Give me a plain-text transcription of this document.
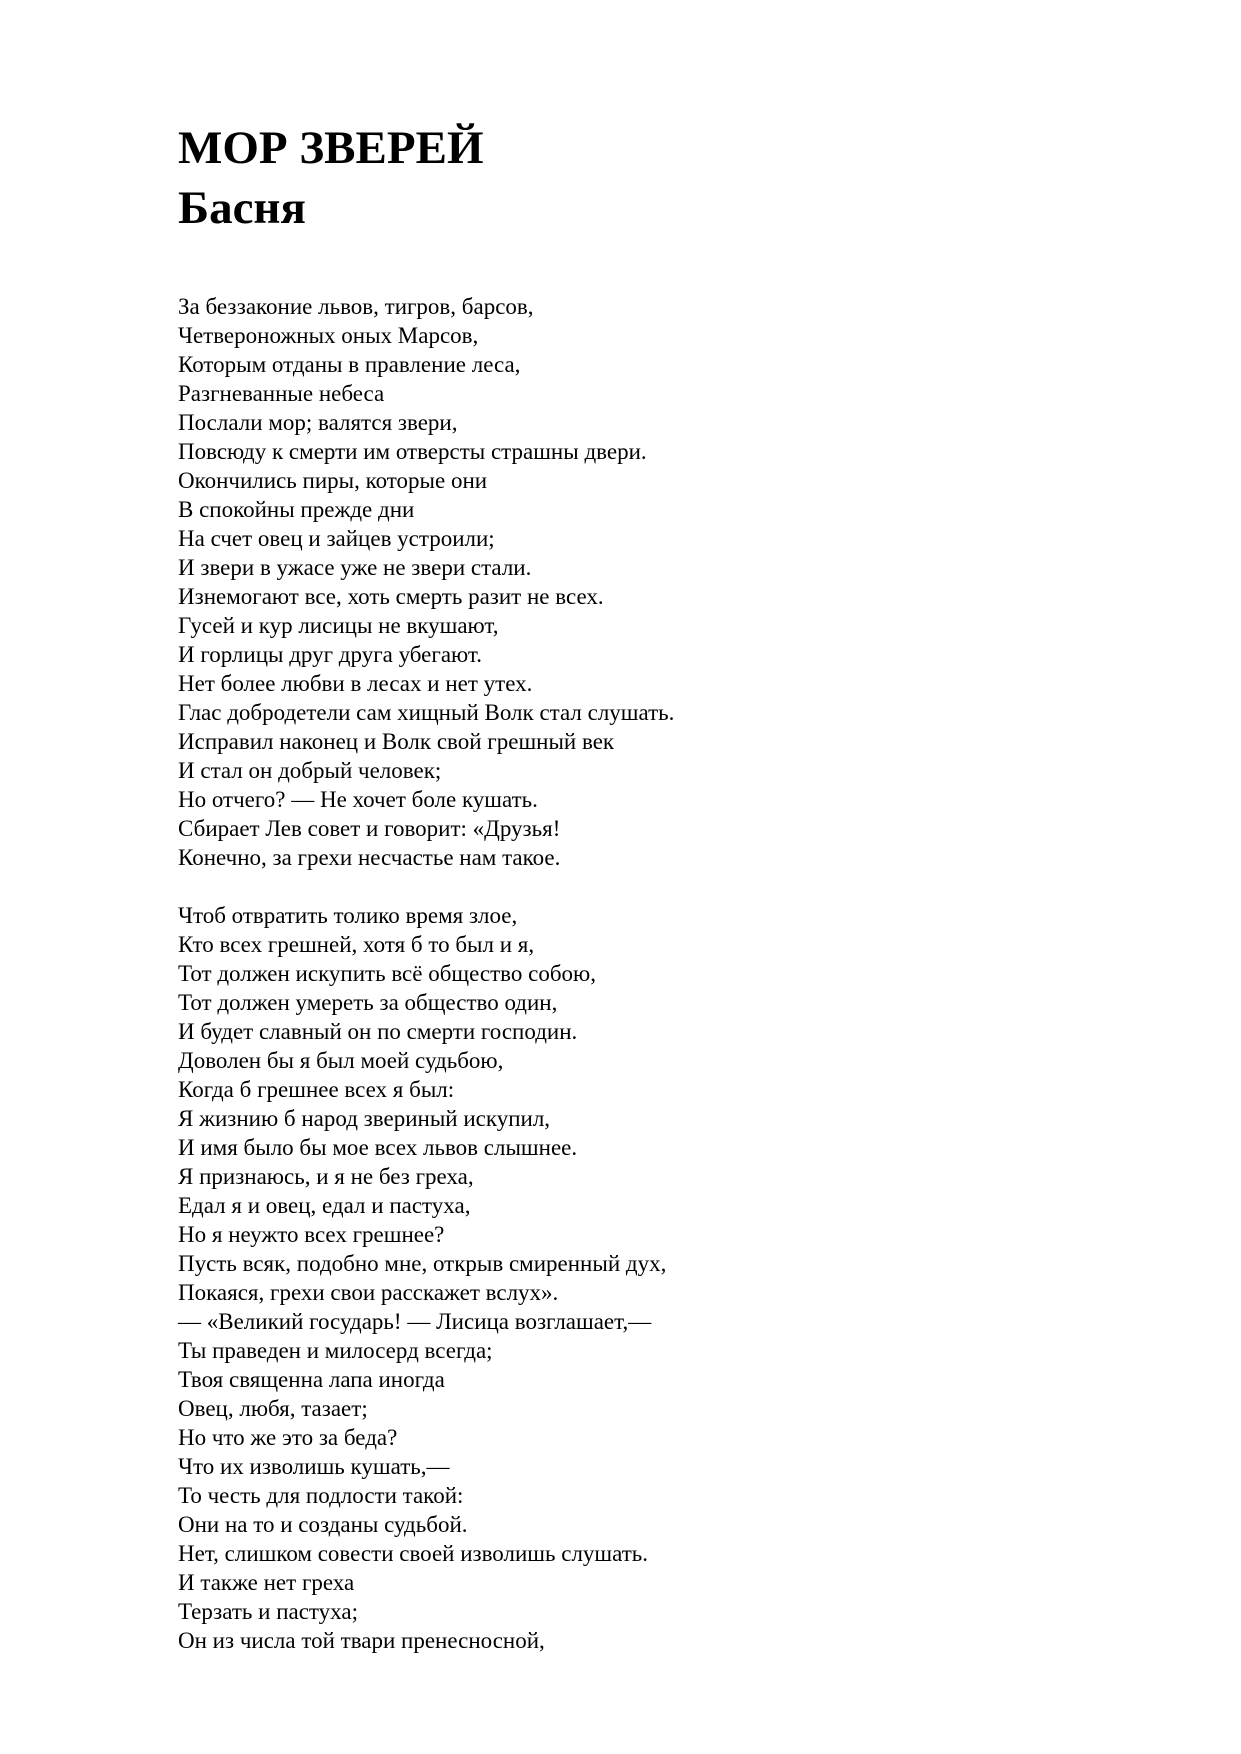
МОР ЗВЕРЕЙ
Басня
За беззаконие львов, тигров, барсов,
Четвероножных оных Марсов,
Которым отданы в правление леса,
Разгневанные небеса
Послали мор; валятся звери,
Повсюду к смерти им отверсты страшны двери.
Окончились пиры, которые они
В спокойны прежде дни
На счет овец и зайцев устроили;
И звери в ужасе уже не звери стали.
Изнемогают все, хоть смерть разит не всех.
Гусей и кур лисицы не вкушают,
И горлицы друг друга убегают.
Нет более любви в лесах и нет утех.
Глас добродетели сам хищный Волк стал слушать.
Исправил наконец и Волк свой грешный век
И стал он добрый человек;
Но отчего? — Не хочет боле кушать.
Сбирает Лев совет и говорит: «Друзья!
Конечно, за грехи несчастье нам такое.
Чтоб отвратить толико время злое,
Кто всех грешней, хотя б то был и я,
Тот должен искупить всё общество собою,
Тот должен умереть за общество один,
И будет славный он по смерти господин.
Доволен бы я был моей судьбою,
Когда б грешнее всех я был:
Я жизнию б народ звериный искупил,
И имя было бы мое всех львов слышнее.
Я признаюсь, и я не без греха,
Едал я и овец, едал и пастуха,
Но я неужто всех грешнее?
Пусть всяк, подобно мне, открыв смиренный дух,
Покаяся, грехи свои расскажет вслух».
— «Великий государь! — Лисица возглашает,—
Ты праведен и милосерд всегда;
Твоя священна лапа иногда
Овец, любя, тазает;
Но что же это за беда?
Что их изволишь кушать,—
То честь для подлости такой:
Они на то и созданы судьбой.
Нет, слишком совести своей изволишь слушать.
И также нет греха
Терзать и пастуха;
Он из числа той твари пренесносной,
